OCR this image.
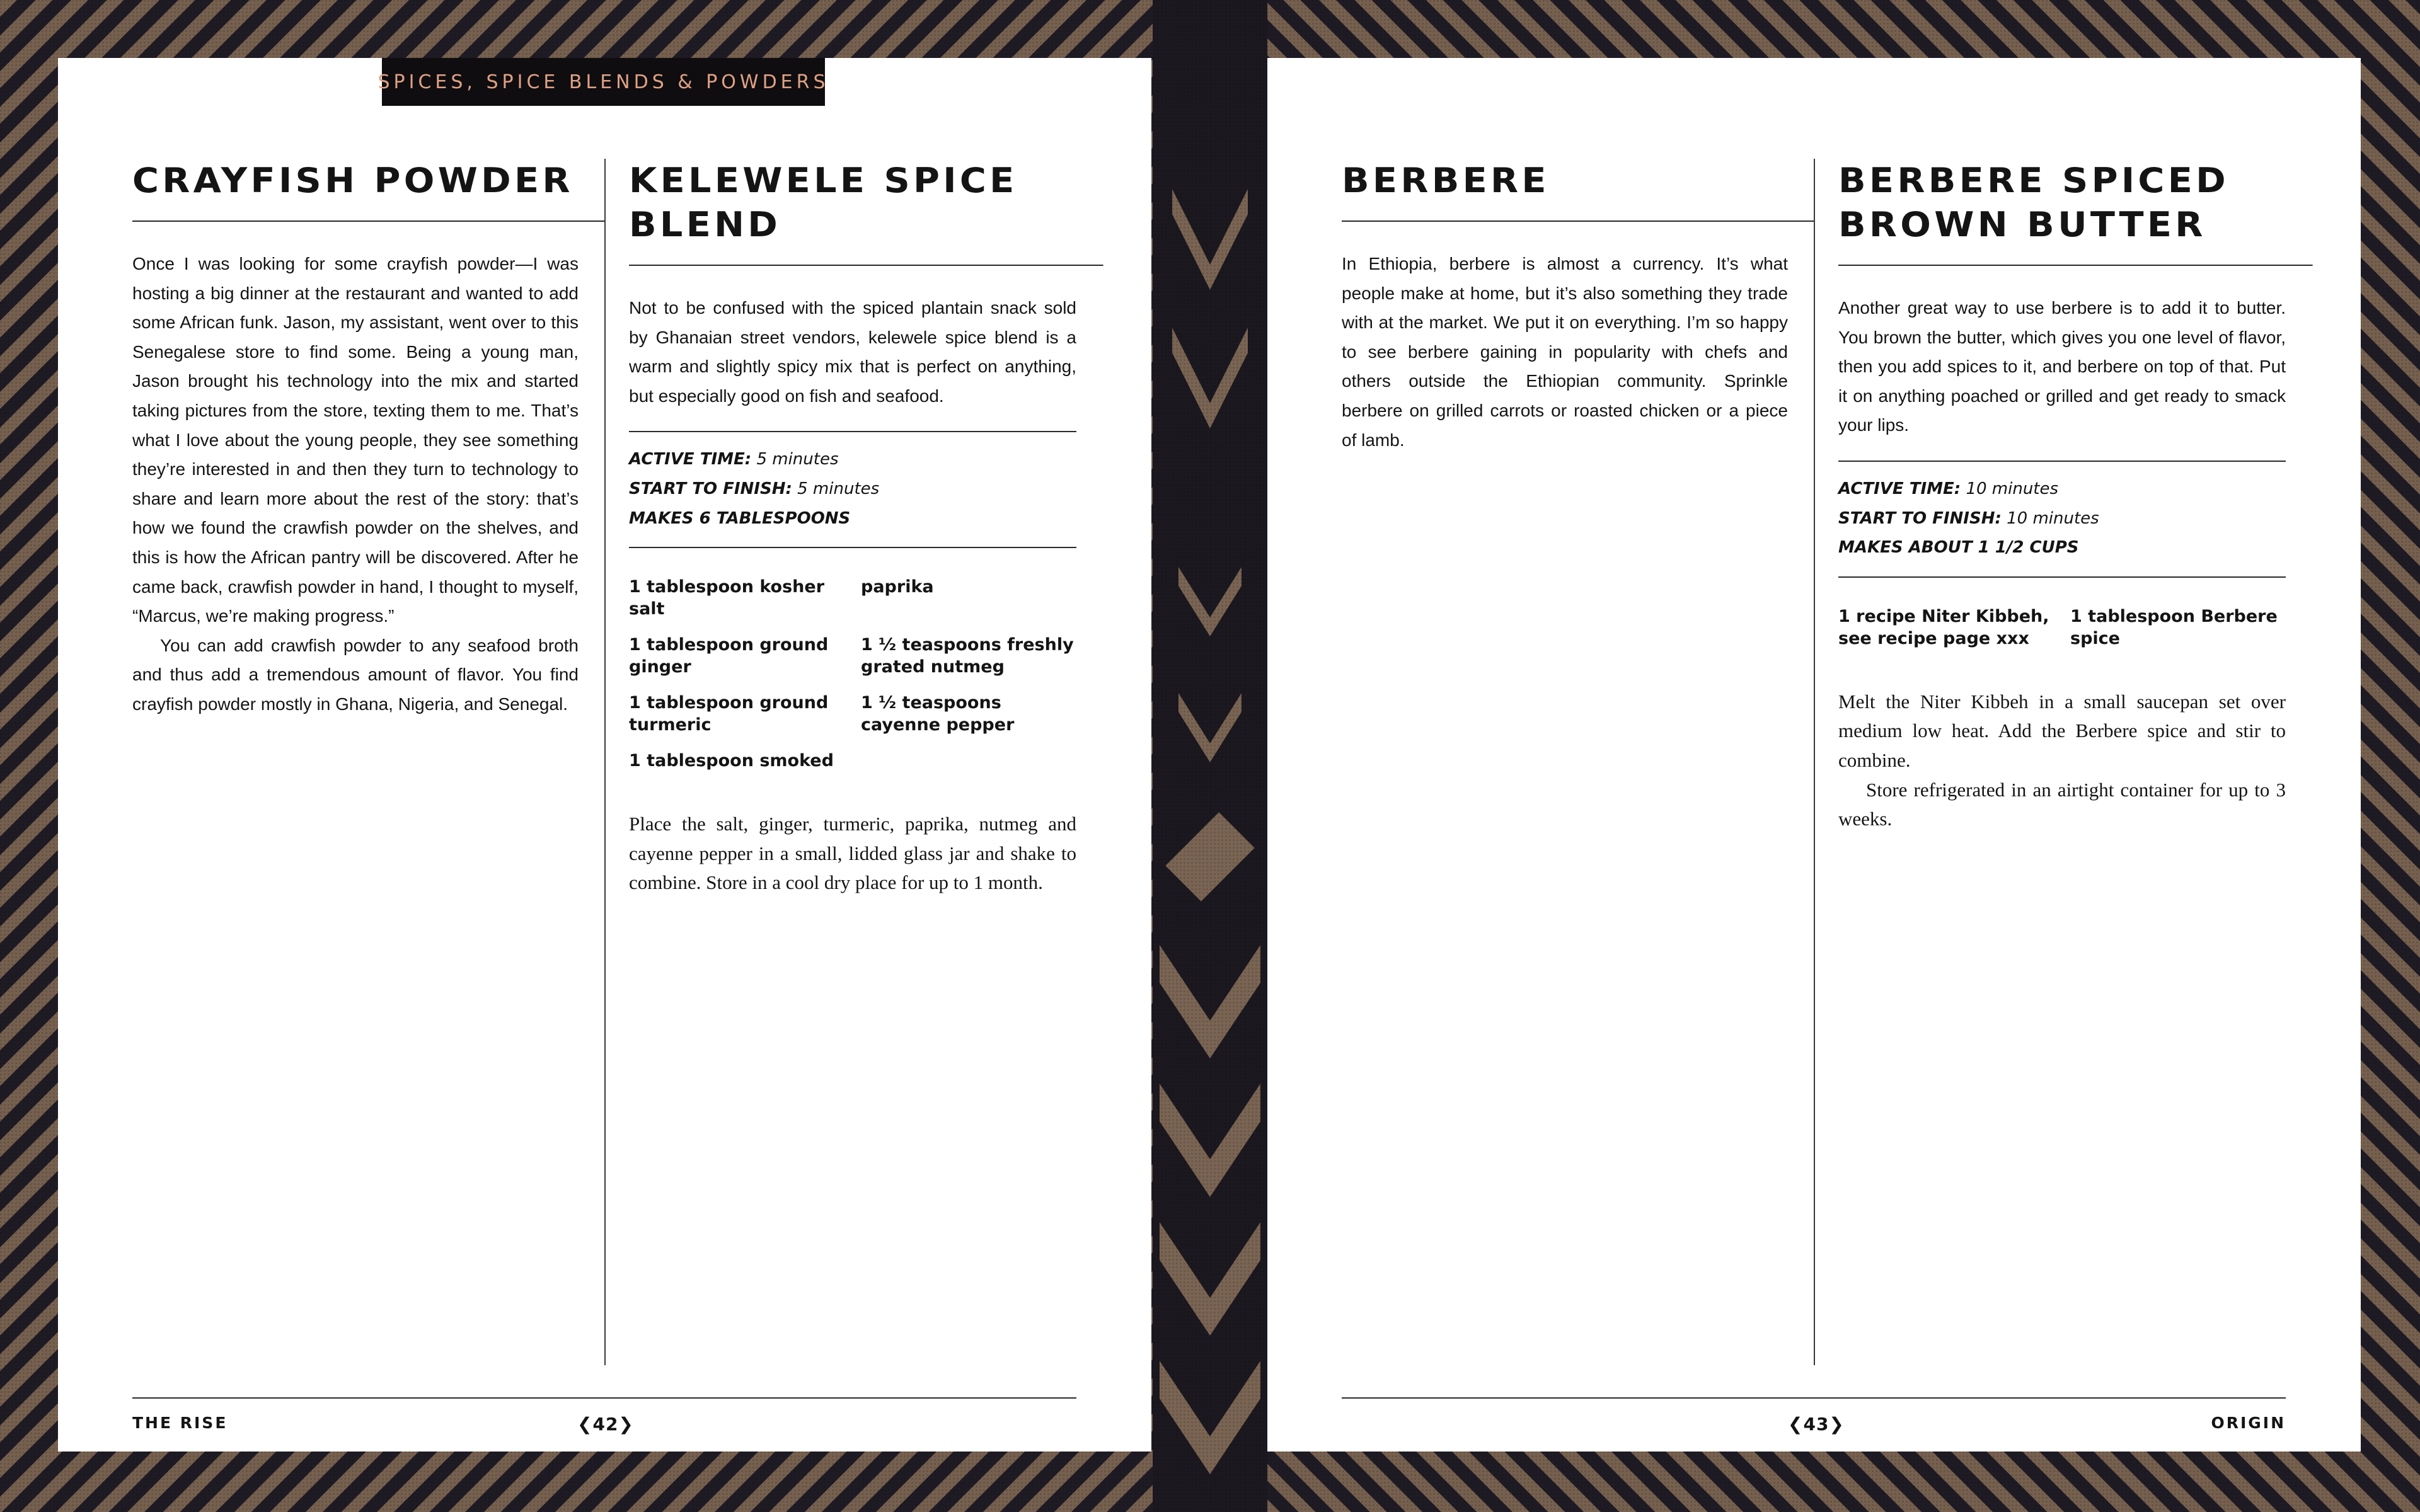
SPICES, SPICE BLENDS & POWDERS
CRAYFISH POWDER

Once I was looking for some crayfish powder—I was hosting a big dinner at the restaurant and wanted to add some African funk. Jason, my assistant, went over to this Senegalese store to find some. Being a young man, Jason brought his technology into the mix and started taking pictures from the store, texting them to me. That’s what I love about the young people, they see something they’re interested in and then they turn to technology to share and learn more about the rest of the story: that’s how we found the crawfish powder on the shelves, and this is how the African pantry will be discovered. After he came back, crawfish powder in hand, I thought to myself, “Marcus, we’re making progress.”

You can add crawfish powder to any seafood broth and thus add a tremendous amount of flavor. You find crayfish powder mostly in Ghana, Nigeria, and Senegal.

KELEWELE SPICE BLEND

Not to be confused with the spiced plantain snack sold by Ghanaian street vendors, kelewele spice blend is a warm and slightly spicy mix that is perfect on anything, but especially good on fish and seafood.

ACTIVE TIME: 5 minutes
START TO FINISH: 5 minutes
MAKES 6 TABLESPOONS
1 tablespoon kosher salt
paprika
1 tablespoon ground ginger
1 ½ teaspoons freshly grated nutmeg
1 tablespoon ground turmeric
1 ½ teaspoons cayenne pepper
1 tablespoon smoked

Place the salt, ginger, turmeric, paprika, nutmeg and cayenne pepper in a small, lidded glass jar and shake to combine. Store in a cool dry place for up to 1 month.

THE RISE	❮42❯
BERBERE

In Ethiopia, berbere is almost a currency. It’s what people make at home, but it’s also something they trade with at the market. We put it on everything. I’m so happy to see berbere gaining in popularity with chefs and others outside the Ethiopian community. Sprinkle berbere on grilled carrots or roasted chicken or a piece of lamb.

BERBERE SPICED
BROWN BUTTER

Another great way to use berbere is to add it to butter. You brown the butter, which gives you one level of flavor, then you add spices to it, and berbere on top of that. Put it on anything poached or grilled and get ready to smack your lips.

ACTIVE TIME: 10 minutes
START TO FINISH: 10 minutes
MAKES ABOUT 1 1/2 CUPS
1 recipe Niter Kibbeh, see recipe page xxx
1 tablespoon Berbere spice

Melt the Niter Kibbeh in a small saucepan set over medium low heat. Add the Berbere spice and stir to combine.

Store refrigerated in an airtight container for up to 3 weeks.

❮43❯	ORIGIN
